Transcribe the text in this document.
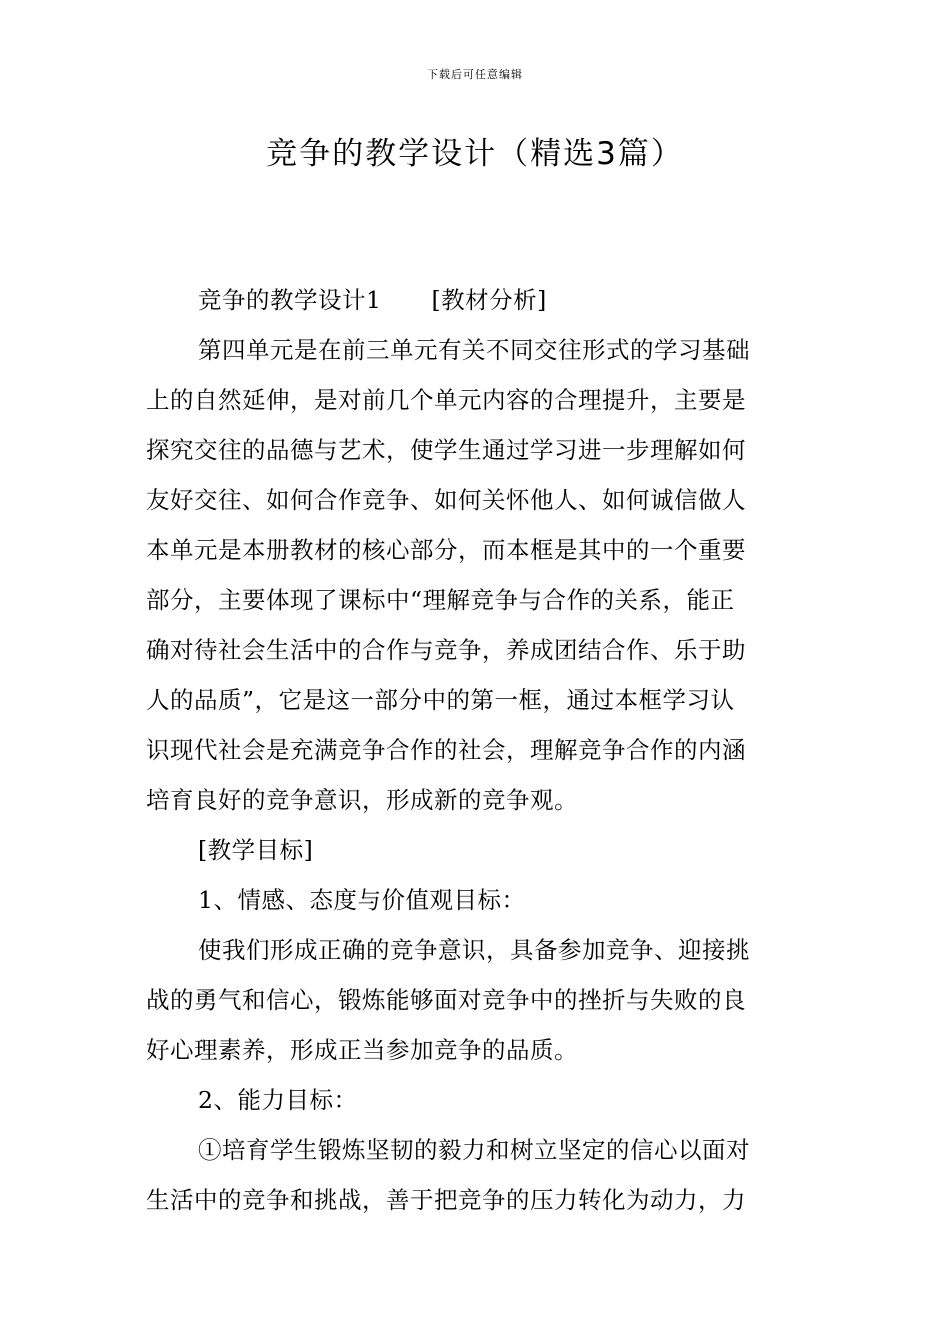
下载后可任意编辑
竞争的教学设计（精选3篇）
竞争的教学设计1 [教材分析]
第四单元是在前三单元有关不同交往形式的学习基础
上的自然延伸，是对前几个单元内容的合理提升，主要是
探究交往的品德与艺术，使学生通过学习进一步理解如何
友好交往、如何合作竞争、如何关怀他人、如何诚信做人
本单元是本册教材的核心部分，而本框是其中的一个重要
部分，主要体现了课标中“理解竞争与合作的关系，能正
确对待社会生活中的合作与竞争，养成团结合作、乐于助
人的品质”，它是这一部分中的第一框，通过本框学习认
识现代社会是充满竞争合作的社会，理解竞争合作的内涵
培育良好的竞争意识，形成新的竞争观。
[教学目标]
1、情感、态度与价值观目标：
使我们形成正确的竞争意识，具备参加竞争、迎接挑
战的勇气和信心，锻炼能够面对竞争中的挫折与失败的良
好心理素养，形成正当参加竞争的品质。
2、能力目标：
①培育学生锻炼坚韧的毅力和树立坚定的信心以面对
生活中的竞争和挑战，善于把竞争的压力转化为动力，力
